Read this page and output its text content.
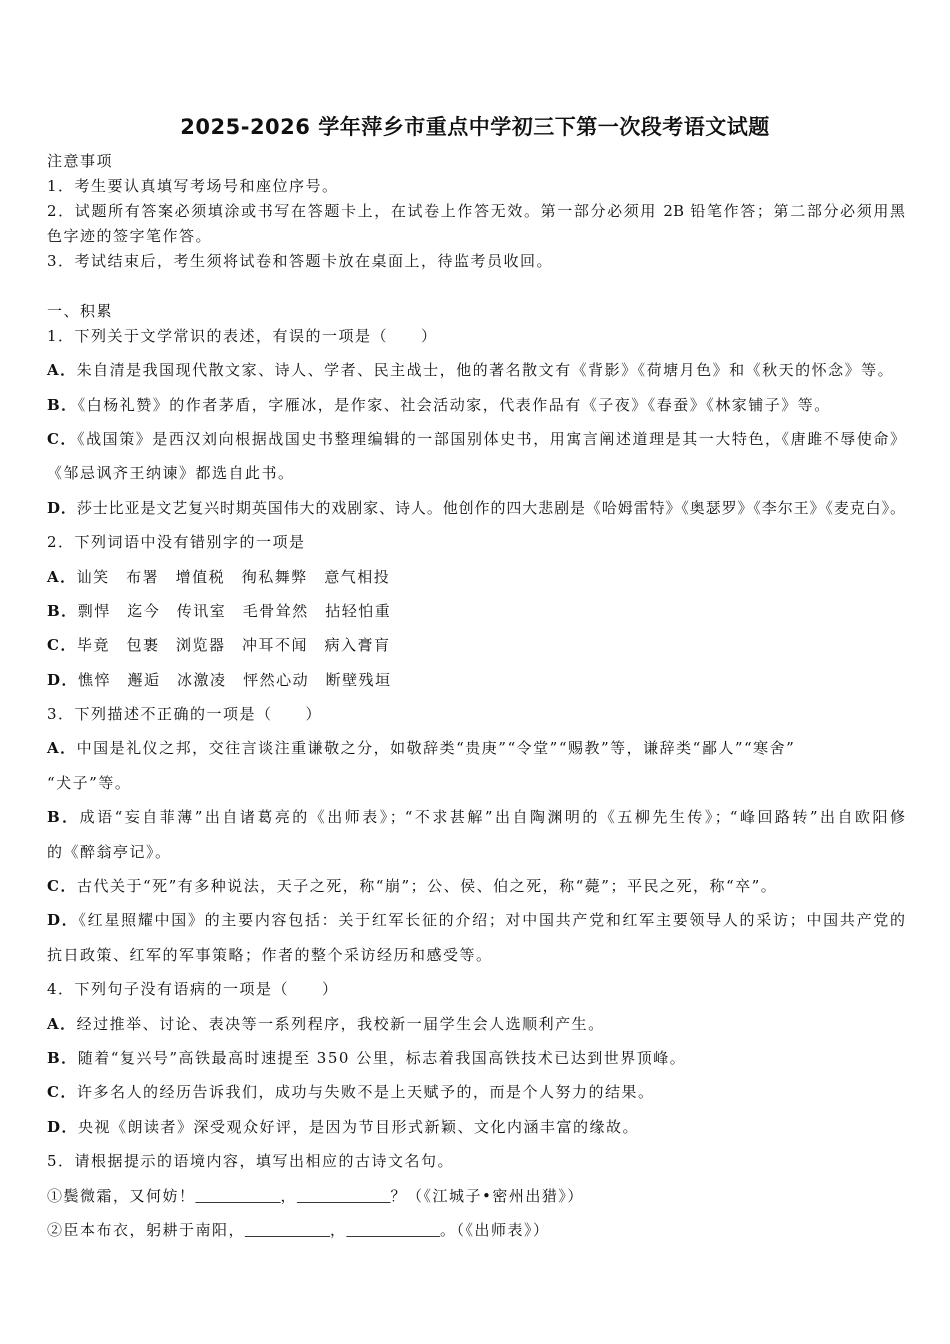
2025-2026 学年萍乡市重点中学初三下第一次段考语文试题
注意事项
1．考生要认真填写考场号和座位序号。
2．试题所有答案必须填涂或书写在答题卡上，在试卷上作答无效。第一部分必须用 2B 铅笔作答；第二部分必须用黑
色字迹的签字笔作答。
3．考试结束后，考生须将试卷和答题卡放在桌面上，待监考员收回。
一、积累
1．下列关于文学常识的表述，有误的一项是（　　）
A．朱自清是我国现代散文家、诗人、学者、民主战士，他的著名散文有《背影》《荷塘月色》和《秋天的怀念》等。
B．《白杨礼赞》的作者茅盾，字雁冰，是作家、社会活动家，代表作品有《子夜》《春蚕》《林家铺子》等。
C．《战国策》是西汉刘向根据战国史书整理编辑的一部国别体史书，用寓言阐述道理是其一大特色，《唐雎不辱使命》
《邹忌讽齐王纳谏》都选自此书。
D．莎士比亚是文艺复兴时期英国伟大的戏剧家、诗人。他创作的四大悲剧是《哈姆雷特》《奥瑟罗》《李尔王》《麦克白》。
2．下列词语中没有错别字的一项是
A．讪笑 布署 增值税 徇私舞弊 意气相投
B．剽悍 迄今 传讯室 毛骨耸然 拈轻怕重
C．毕竟 包裹 浏览器 冲耳不闻 病入膏肓
D．憔悴 邂逅 冰激凌 怦然心动 断壁残垣
3．下列描述不正确的一项是（　　）
A．中国是礼仪之邦，交往言谈注重谦敬之分，如敬辞类“贵庚”“令堂”“赐教”等，谦辞类“鄙人”“寒舍”
“犬子”等。
B．成语“妄自菲薄”出自诸葛亮的《出师表》；“不求甚解”出自陶渊明的《五柳先生传》；“峰回路转”出自欧阳修
的《醉翁亭记》。
C．古代关于“死”有多种说法，天子之死，称“崩”；公、侯、伯之死，称“薨”；平民之死，称“卒”。
D．《红星照耀中国》的主要内容包括：关于红军长征的介绍；对中国共产党和红军主要领导人的采访；中国共产党的
抗日政策、红军的军事策略；作者的整个采访经历和感受等。
4．下列句子没有语病的一项是（　　）
A．经过推举、讨论、表决等一系列程序，我校新一届学生会人选顺利产生。
B．随着“复兴号”高铁最高时速提至 350 公里，标志着我国高铁技术已达到世界顶峰。
C．许多名人的经历告诉我们，成功与失败不是上天赋予的，而是个人努力的结果。
D．央视《朗读者》深受观众好评，是因为节目形式新颖、文化内涵丰富的缘故。
5．请根据提示的语境内容，填写出相应的古诗文名句。
①鬓微霜，又何妨！__________，___________？（《江城子•密州出猎》）
②臣本布衣，躬耕于南阳，__________，___________。（《出师表》）
